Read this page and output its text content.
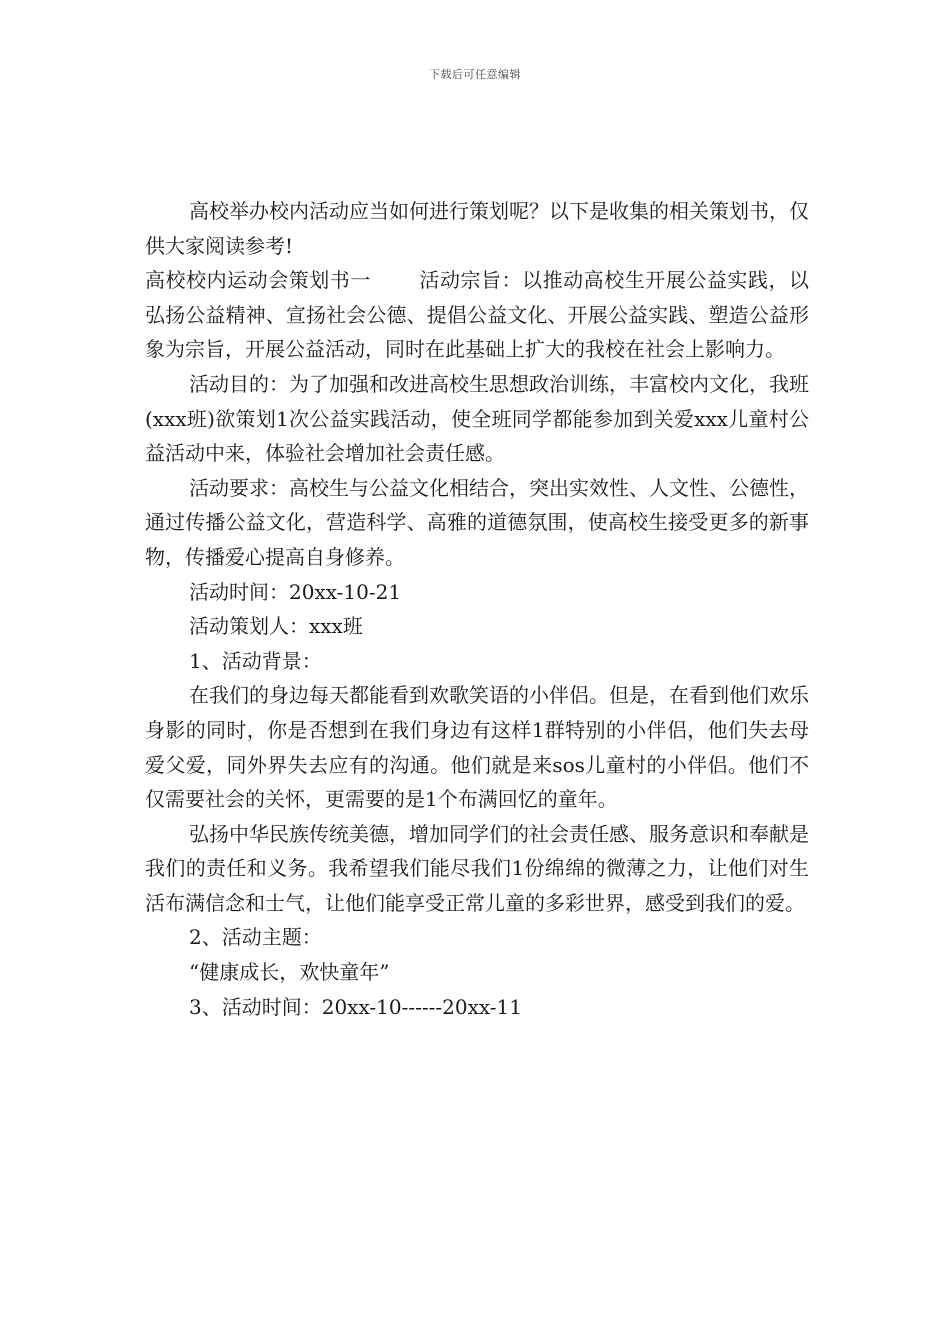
下载后可任意编辑

高校举办校内活动应当如何进行策划呢？以下是收集的相关策划书，仅供大家阅读参考!

高校校内运动会策划书一 活动宗旨：以推动高校生开展公益实践，以弘扬公益精神、宣扬社会公德、提倡公益文化、开展公益实践、塑造公益形象为宗旨，开展公益活动，同时在此基础上扩大的我校在社会上影响力。

活动目的：为了加强和改进高校生思想政治训练，丰富校内文化，我班(xxx班)欲策划1次公益实践活动，使全班同学都能参加到关爱xxx儿童村公益活动中来，体验社会增加社会责任感。

活动要求：高校生与公益文化相结合，突出实效性、人文性、公德性，通过传播公益文化，营造科学、高雅的道德氛围，使高校生接受更多的新事物，传播爱心提高自身修养。

活动时间：20xx-10-21

活动策划人：xxx班

1、活动背景：

在我们的身边每天都能看到欢歌笑语的小伴侣。但是，在看到他们欢乐身影的同时，你是否想到在我们身边有这样1群特别的小伴侣，他们失去母爱父爱，同外界失去应有的沟通。他们就是来sos儿童村的小伴侣。他们不仅需要社会的关怀，更需要的是1个布满回忆的童年。

弘扬中华民族传统美德，增加同学们的社会责任感、服务意识和奉献是我们的责任和义务。我希望我们能尽我们1份绵绵的微薄之力，让他们对生活布满信念和士气，让他们能享受正常儿童的多彩世界，感受到我们的爱。

2、活动主题：

“健康成长，欢快童年”

3、活动时间：20xx-10------20xx-11
